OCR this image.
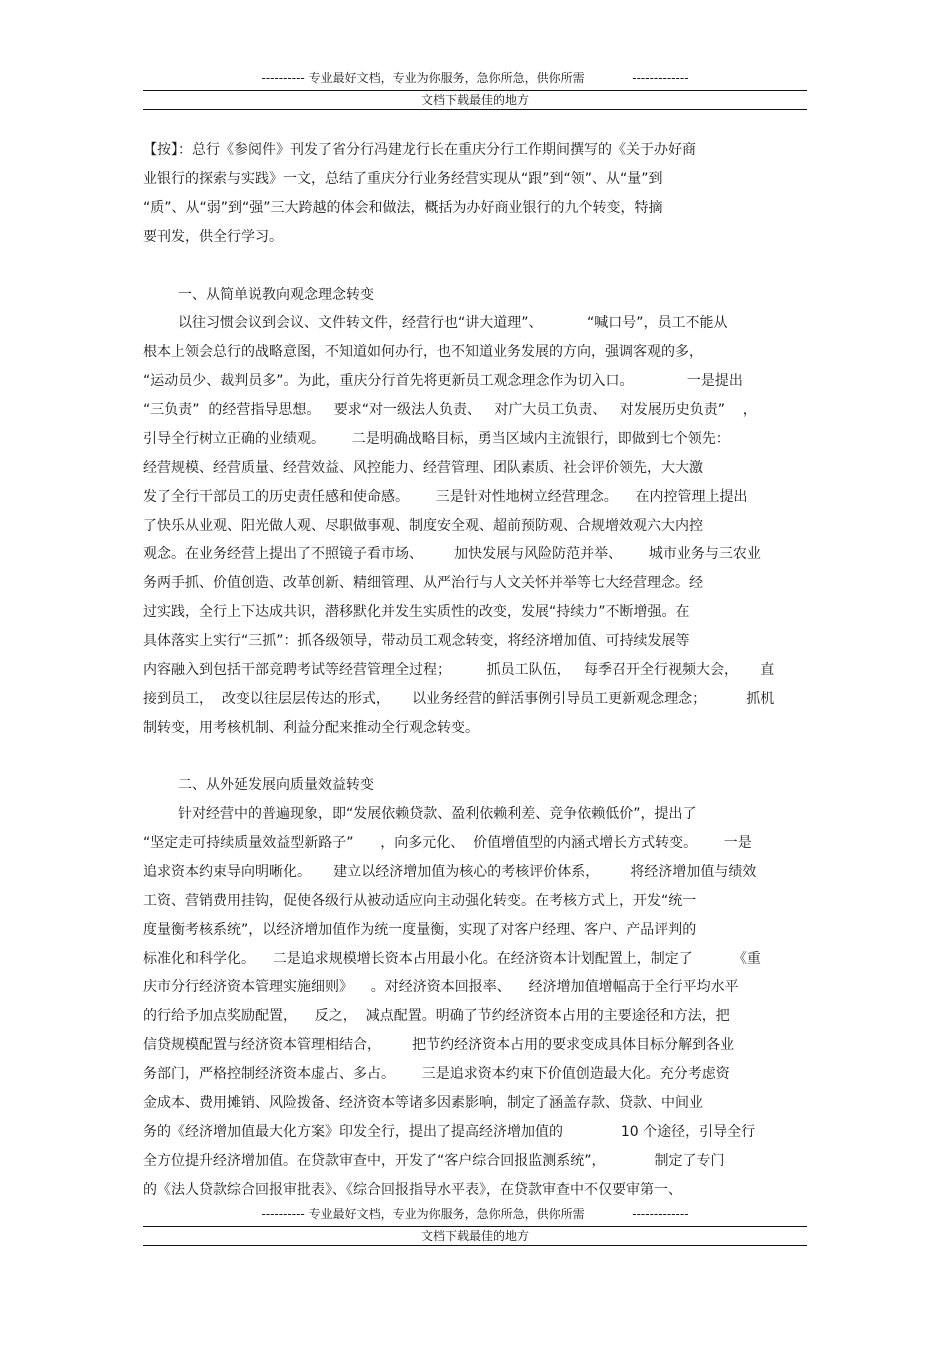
---------- 专业最好文档，专业为你服务，急你所急，供你所需	-------------
文档下载最佳的地方
【按】：总行《参阅件》刊发了省分行冯建龙行长在重庆分行工作期间撰写的《关于办好商
业银行的探索与实践》一文，总结了重庆分行业务经营实现从“跟”到“领”、从“量”到
“质”、从“弱”到“强”三大跨越的体会和做法，概括为办好商业银行的九个转变，特摘
要刊发，供全行学习。
一、从简单说教向观念理念转变
以往习惯会议到会议、文件转文件，经营行也“讲大道理”、          “喊口号”，员工不能从
根本上领会总行的战略意图，不知道如何办行，也不知道业务发展的方向，强调客观的多，
“运动员少、裁判员多”。为此，重庆分行首先将更新员工观念理念作为切入口。            一是提出
“三负责”  的经营指导思想。   要求“对一级法人负责、   对广大员工负责、   对发展历史负责”    ，
引导全行树立正确的业绩观。      二是明确战略目标，勇当区域内主流银行，即做到七个领先：
经营规模、经营质量、经营效益、风控能力、经营管理、团队素质、社会评价领先，大大激
发了全行干部员工的历史责任感和使命感。      三是针对性地树立经营理念。    在内控管理上提出
了快乐从业观、阳光做人观、尽职做事观、制度安全观、超前预防观、合规增效观六大内控
观念。在业务经营上提出了不照镜子看市场、       加快发展与风险防范并举、      城市业务与三农业
务两手抓、价值创造、改革创新、精细管理、从严治行与人文关怀并举等七大经营理念。经
过实践，全行上下达成共识，潜移默化并发生实质性的改变，发展“持续力”不断增强。在
具体落实上实行“三抓”：抓各级领导，带动员工观念转变，将经济增加值、可持续发展等
内容融入到包括干部竞聘考试等经营管理全过程；        抓员工队伍，   每季召开全行视频大会，     直
接到员工，  改变以往层层传达的形式，     以业务经营的鲜活事例引导员工更新观念理念；         抓机
制转变，用考核机制、利益分配来推动全行观念转变。
二、从外延发展向质量效益转变
针对经营中的普遍现象，即“发展依赖贷款、盈利依赖利差、竞争依赖低价”，提出了
“坚定走可持续质量效益型新路子”      ，向多元化、  价值增值型的内涵式增长方式转变。      一是
追求资本约束导向明晰化。     建立以经济增加值为核心的考核评价体系，       将经济增加值与绩效
工资、营销费用挂钩，促使各级行从被动适应向主动强化转变。在考核方式上，开发“统一
度量衡考核系统”，以经济增加值作为统一度量衡，实现了对客户经理、客户、产品评判的
标准化和科学化。    二是追求规模增长资本占用最小化。在经济资本计划配置上，制定了         《重
庆市分行经济资本管理实施细则》    。对经济资本回报率、    经济增加值增幅高于全行平均水平
的行给予加点奖励配置，    反之，  减点配置。明确了节约经济资本占用的主要途径和方法，把
信贷规模配置与经济资本管理相结合，       把节约经济资本占用的要求变成具体目标分解到各业
务部门，严格控制经济资本虚占、多占。      三是追求资本约束下价值创造最大化。充分考虑资
金成本、费用摊销、风险拨备、经济资本等诸多因素影响，制定了涵盖存款、贷款、中间业
务的《经济增加值最大化方案》印发全行，提出了提高经济增加值的             10 个途径，引导全行
全方位提升经济增加值。在贷款审查中，开发了“客户综合回报监测系统”，           制定了专门
的《法人贷款综合回报审批表》、《综合回报指导水平表》，在贷款审查中不仅要审第一、
---------- 专业最好文档，专业为你服务，急你所急，供你所需	-------------
文档下载最佳的地方
